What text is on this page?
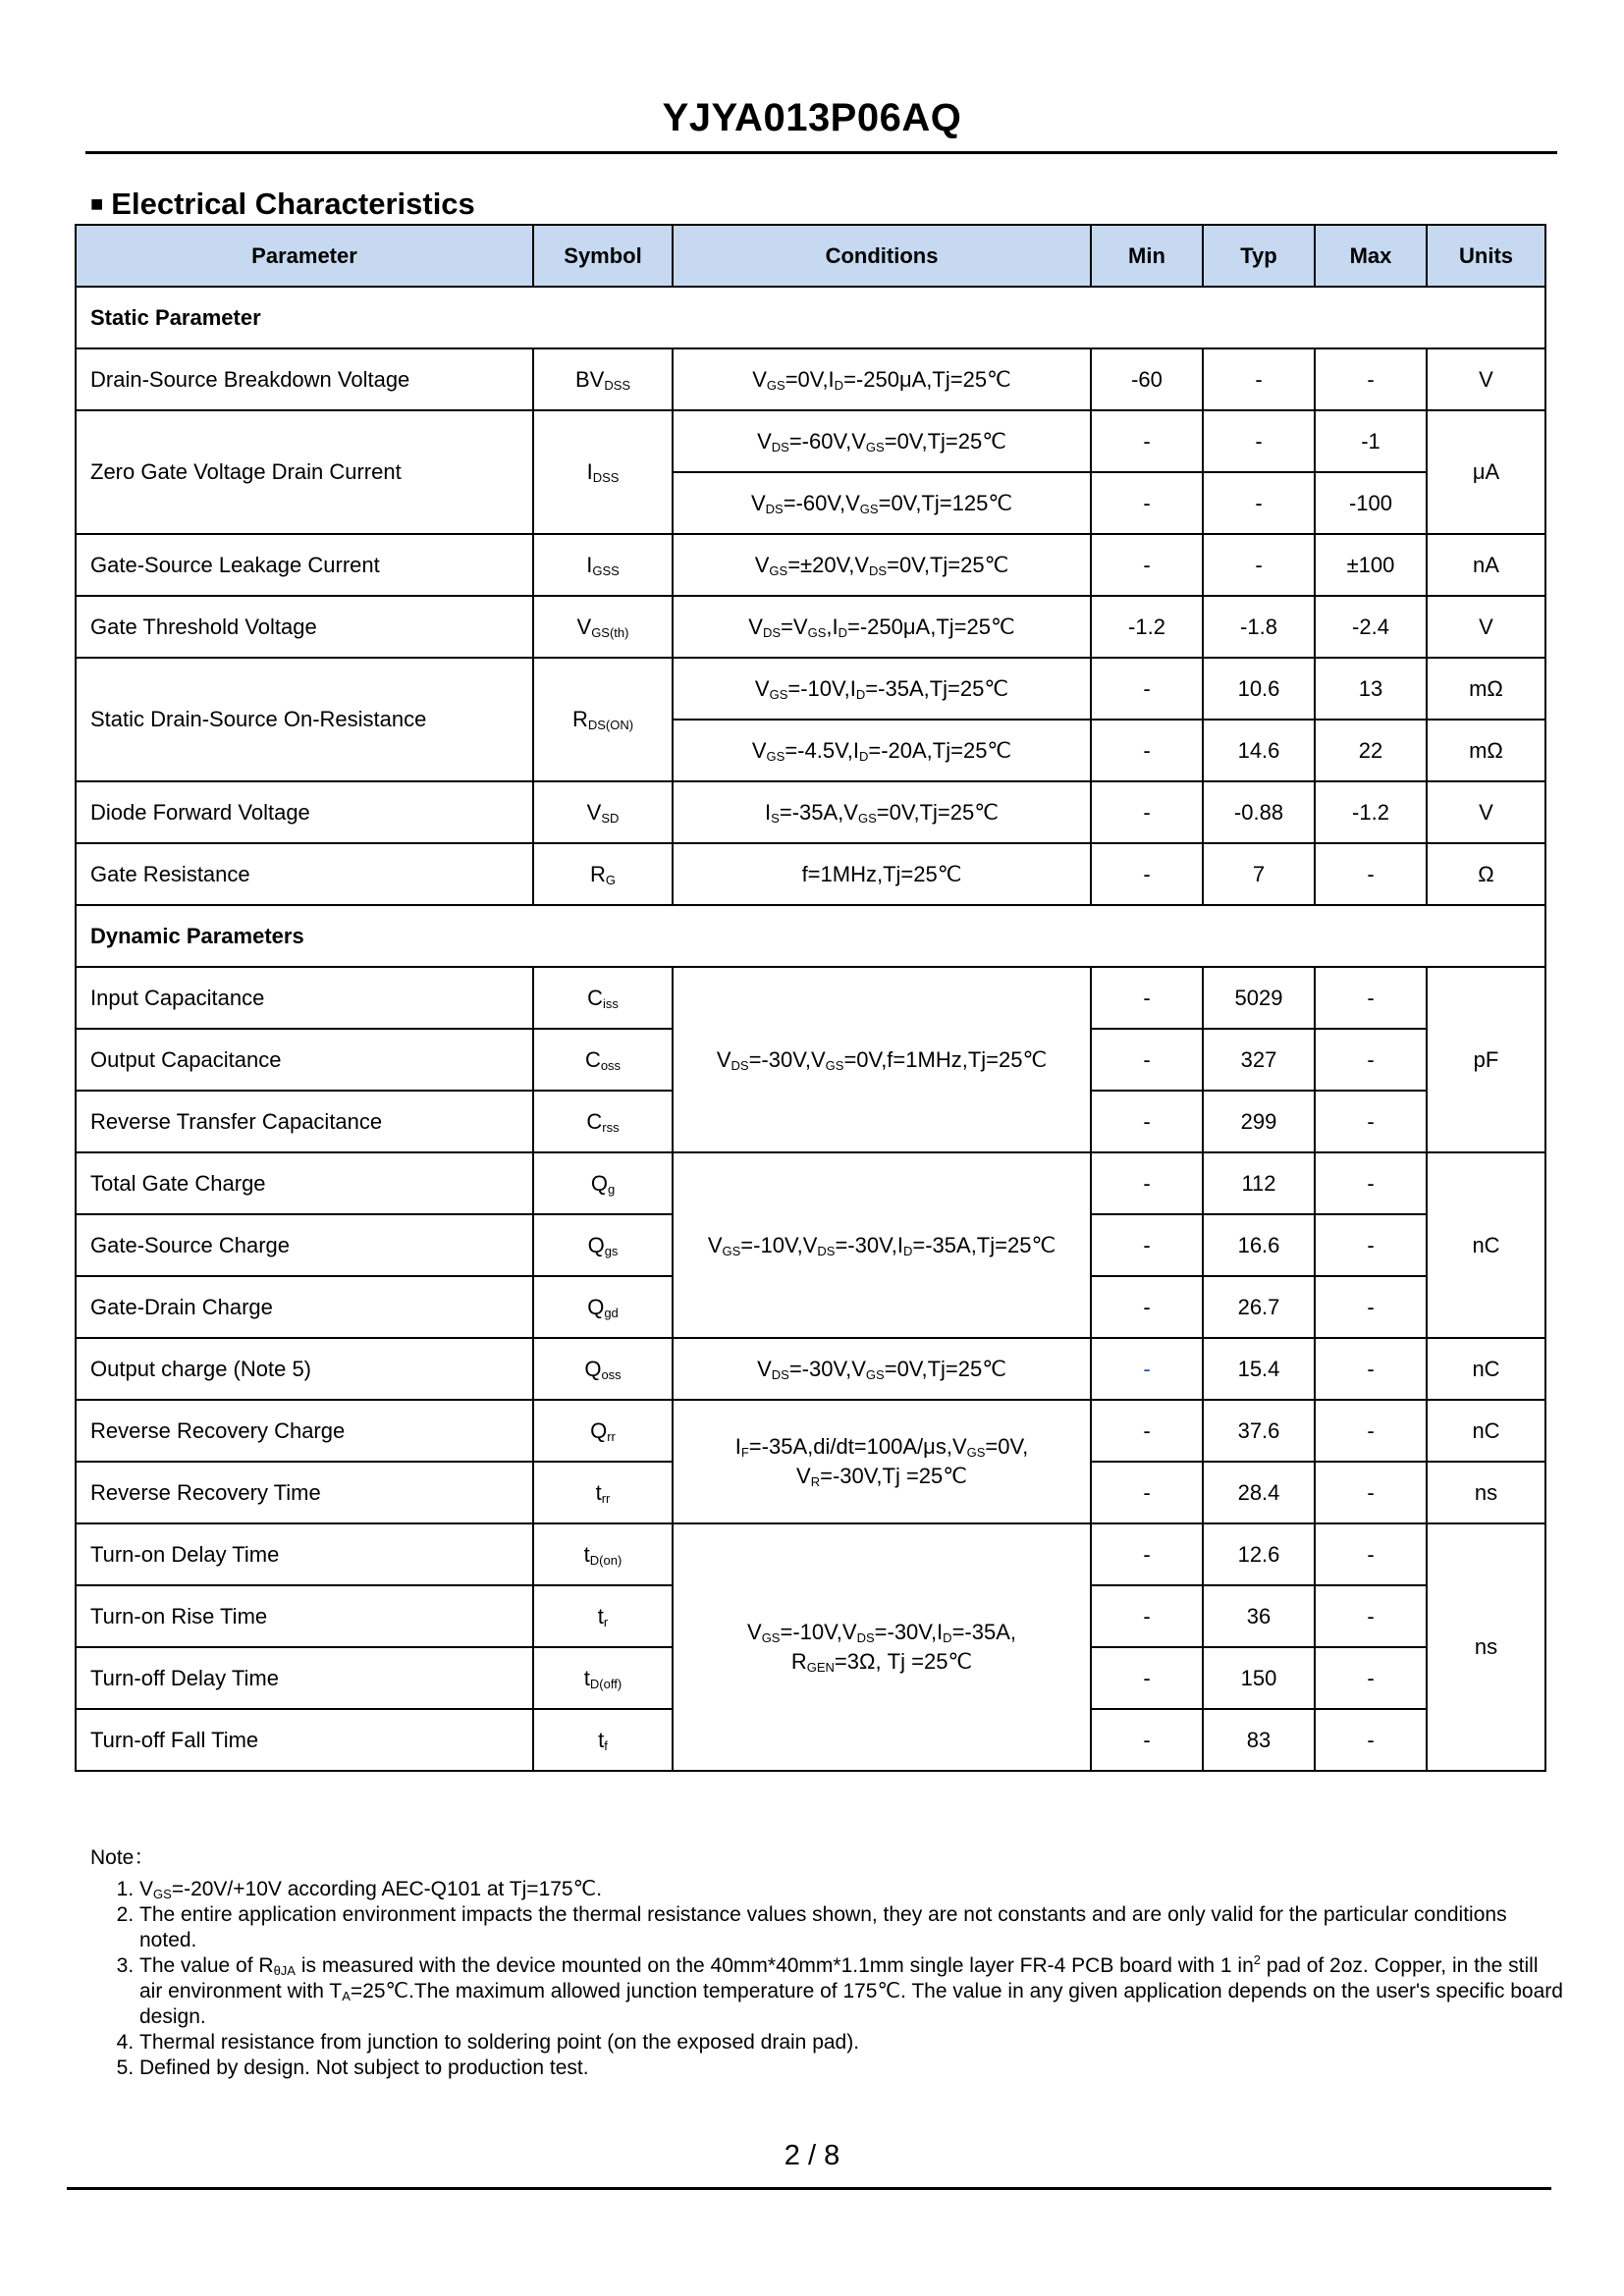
YJYA013P06AQ
■ Electrical Characteristics
Parameter	Symbol	Conditions	Min	Typ	Max	Units
Static Parameter						
Drain-Source Breakdown Voltage	$BV_{DSS}$	$V_{GS}=0V,I_D=-250\mu A,Tj=25℃$	-60	-	-	V
Zero Gate Voltage Drain Current	$I_{DSS}$	$V_{DS}=-60V,V_{GS}=0V,Tj=25℃$	-	-	-1	μA
		$V_{DS}=-60V,V_{GS}=0V,Tj=125℃$	-	-	-100	
Gate-Source Leakage Current	$I_{GSS}$	$V_{GS}=\pm 20V,V_{DS}=0V,Tj=25℃$	-	-	±100	nA
Gate Threshold Voltage	$V_{GS(th)}$	$V_{DS}=V_{GS},I_D=-250\mu A,Tj=25℃$	-1.2	-1.8	-2.4	V
Static Drain-Source On-Resistance	$R_{DS(ON)}$	$V_{GS}=-10V,I_D=-35A,Tj=25℃$	-	10.6	13	mΩ
		$V_{GS}=-4.5V,I_D=-20A,Tj=25℃$	-	14.6	22	mΩ
Diode Forward Voltage	$V_{SD}$	$I_S=-35A,V_{GS}=0V,Tj=25℃$	-	-0.88	-1.2	V
Gate Resistance	$R_G$	f=1MHz,Tj=25℃	-	7	-	Ω
Dynamic Parameters						
Input Capacitance	$C_{iss}$	$V_{DS}=-30V,V_{GS}=0V,f=1MHz,Tj=25℃$	-	5029	-	pF
Output Capacitance	$C_{oss}$		-	327	-	
Reverse Transfer Capacitance	$C_{rss}$		-	299	-	
Total Gate Charge	$Q_g$	$V_{GS}=-10V,V_{DS}=-30V,I_D=-35A,Tj=25℃$	-	112	-	nC
Gate-Source Charge	$Q_{gs}$		-	16.6	-	
Gate-Drain Charge	$Q_{gd}$		-	26.7	-	
Output charge (Note 5)	$Q_{oss}$	$V_{DS}=-30V,V_{GS}=0V,Tj=25℃$	-	15.4	-	nC
Reverse Recovery Charge	$Q_{rr}$	$I_F=-35A,di/dt=100A/\mu s,V_{GS}=0V$,
$V_R=-30V,Tj$ =25℃	-	37.6	-	nC
Reverse Recovery Time	$t_{rr}$		-	28.4	-	ns
Turn-on Delay Time	$t_{D(on)}$	$V_{GS}=-10V,V_{DS}=-30V,I_D=-35A$,
$R_{GEN}=3\Omega$, Tj =25℃	-	12.6	-	ns
Turn-on Rise Time	$t_r$		-	36	-	
Turn-off Delay Time	$t_{D(off)}$		-	150	-	
Turn-off Fall Time	$t_f$		-	83	-	
Note：
1. $V_{GS}=-20V/+10V$ according AEC-Q101 at Tj=175℃.
2. The entire application environment impacts the thermal resistance values shown, they are not constants and are only valid for the particular conditions noted.
3. The value of $R_{\theta JA}$ is measured with the device mounted on the 40mm*40mm*1.1mm single layer FR-4 PCB board with 1 $in^2$ pad of 2oz. Copper, in the still air environment with $T_A=25℃.The$ maximum allowed junction temperature of 175℃. The value in any given application depends on the user's specific board design.
4. Thermal resistance from junction to soldering point (on the exposed drain pad).
5. Defined by design. Not subject to production test.
2 / 8
